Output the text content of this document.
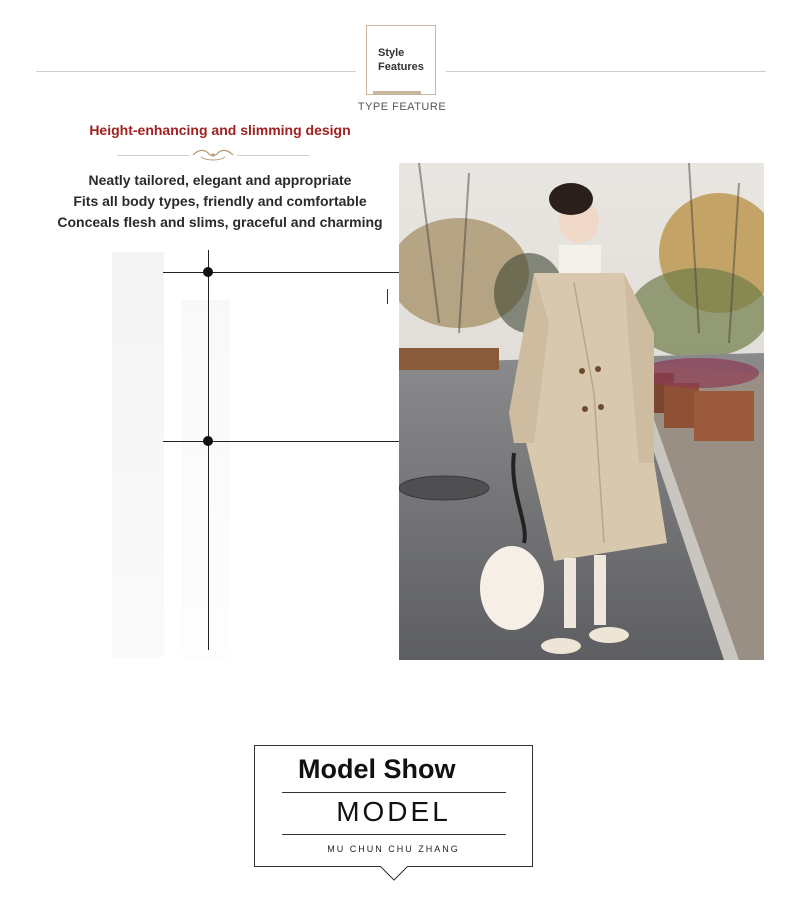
Style
Features
TYPE FEATURE
Height-enhancing and slimming design
Neatly tailored, elegant and appropriate
Fits all body types, friendly and comfortable
Conceals flesh and slims, graceful and charming
Model Show
MODEL
MU CHUN CHU ZHANG
